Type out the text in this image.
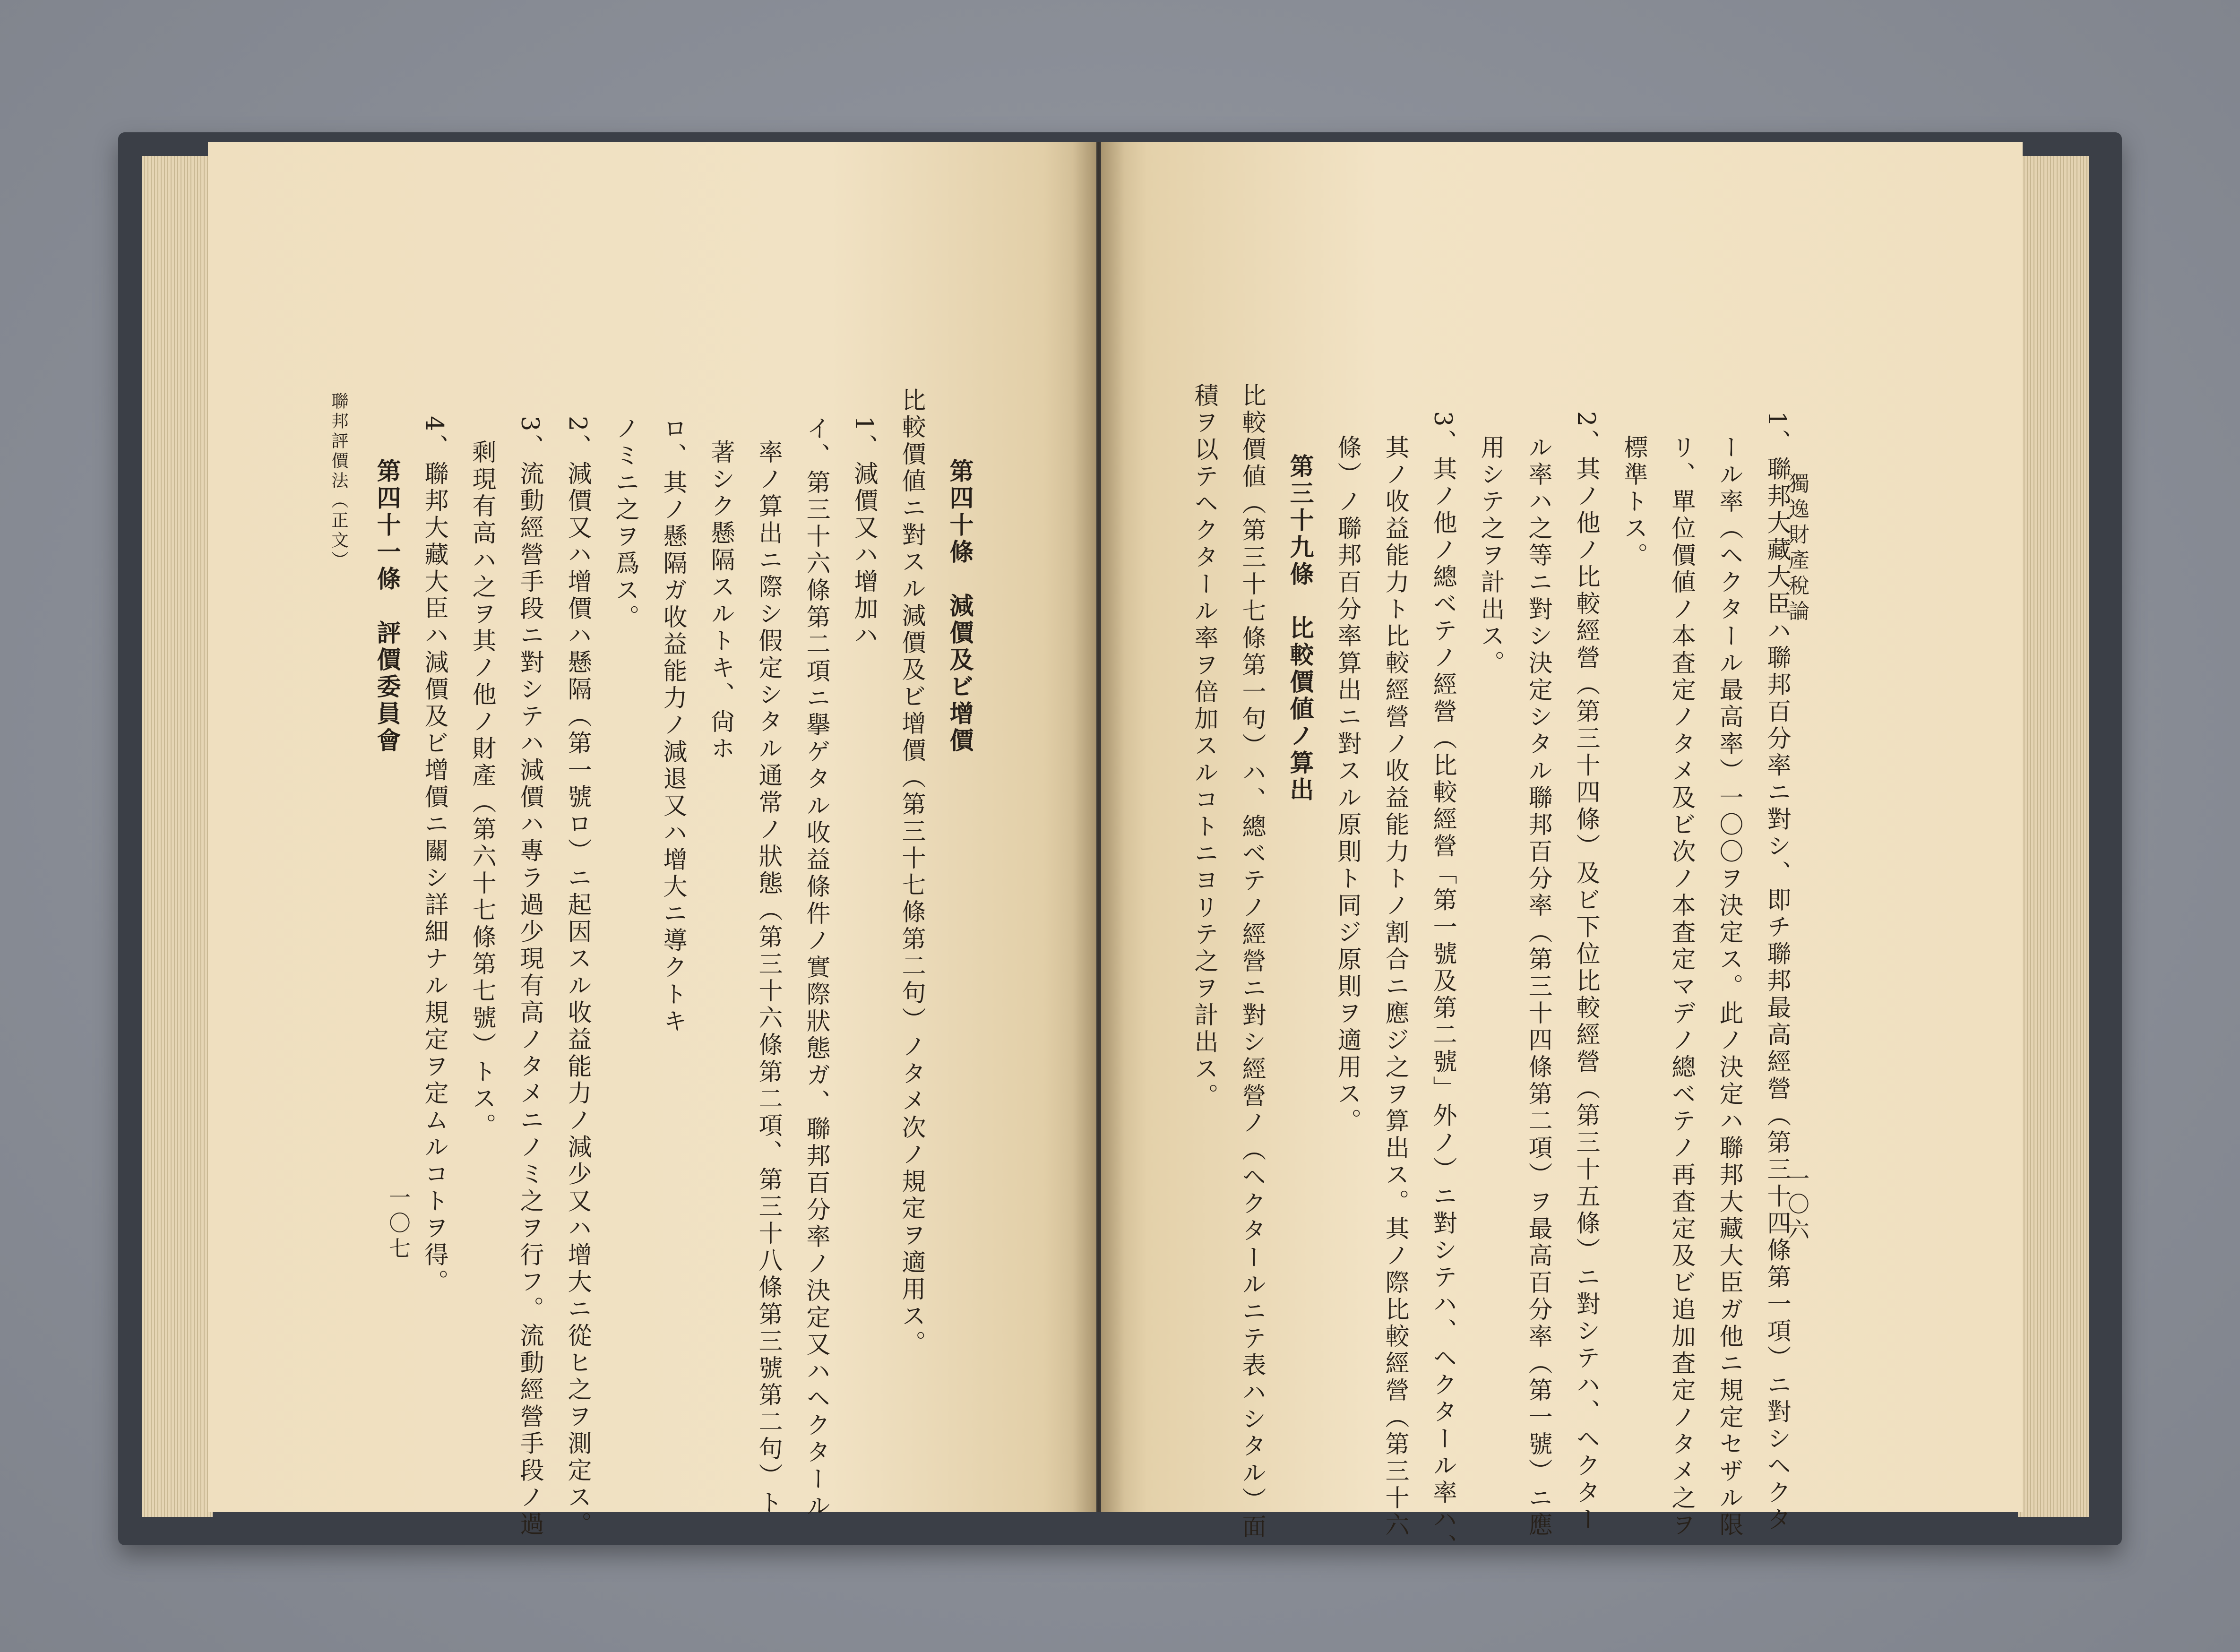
獨逸財產稅論
一〇六
1、聯邦大藏大臣ハ聯邦百分率ニ對シ、即チ聯邦最高經營（第三十四條第一項）ニ對シヘクタ
ール率（ヘクタール最高率）一〇〇ヲ決定ス。此ノ決定ハ聯邦大藏大臣ガ他ニ規定セザル限
リ、單位價値ノ本査定ノタメ及ビ次ノ本査定マデノ總ベテノ再査定及ビ追加査定ノタメ之ヲ
標準トス。
2、其ノ他ノ比較經營（第三十四條）及ビ下位比較經營（第三十五條）ニ對シテハ、ヘクター
ル率ハ之等ニ對シ決定シタル聯邦百分率（第三十四條第二項）ヲ最高百分率（第一號）ニ應
用シテ之ヲ計出ス。
3、其ノ他ノ總ベテノ經營（比較經營「第一號及第二號」外ノ）ニ對シテハ、ヘクタール率ハ、
其ノ收益能力ト比較經營ノ收益能力トノ割合ニ應ジ之ヲ算出ス。其ノ際比較經營（第三十六
條）ノ聯邦百分率算出ニ對スル原則ト同ジ原則ヲ適用ス。
第三十九條　比較價値ノ算出
比較價値（第三十七條第一句）ハ、總ベテノ經營ニ對シ經營ノ（ヘクタールニテ表ハシタル）面
積ヲ以テヘクタール率ヲ倍加スルコトニヨリテ之ヲ計出ス。
第四十條　減價及ビ增價
比較價値ニ對スル減價及ビ增價（第三十七條第二句）ノタメ次ノ規定ヲ適用ス。
1、減價又ハ增加ハ
イ、第三十六條第二項ニ擧ゲタル收益條件ノ實際狀態ガ、聯邦百分率ノ決定又ハヘクタール
率ノ算出ニ際シ假定シタル通常ノ狀態（第三十六條第二項、第三十八條第三號第二句）ト
著シク懸隔スルトキ、尙ホ
ロ、其ノ懸隔ガ收益能力ノ減退又ハ增大ニ導クトキ
ノミニ之ヲ爲ス。
2、減價又ハ增價ハ懸隔（第一號ロ）ニ起因スル收益能力ノ減少又ハ增大ニ從ヒ之ヲ測定ス。
3、流動經營手段ニ對シテハ減價ハ專ラ過少現有高ノタメニノミ之ヲ行フ。流動經營手段ノ過
剩現有高ハ之ヲ其ノ他ノ財產（第六十七條第七號）トス。
4、聯邦大藏大臣ハ減價及ビ增價ニ關シ詳細ナル規定ヲ定ムルコトヲ得。
第四十一條　評價委員會
聯邦評價法（正文）
一〇七
